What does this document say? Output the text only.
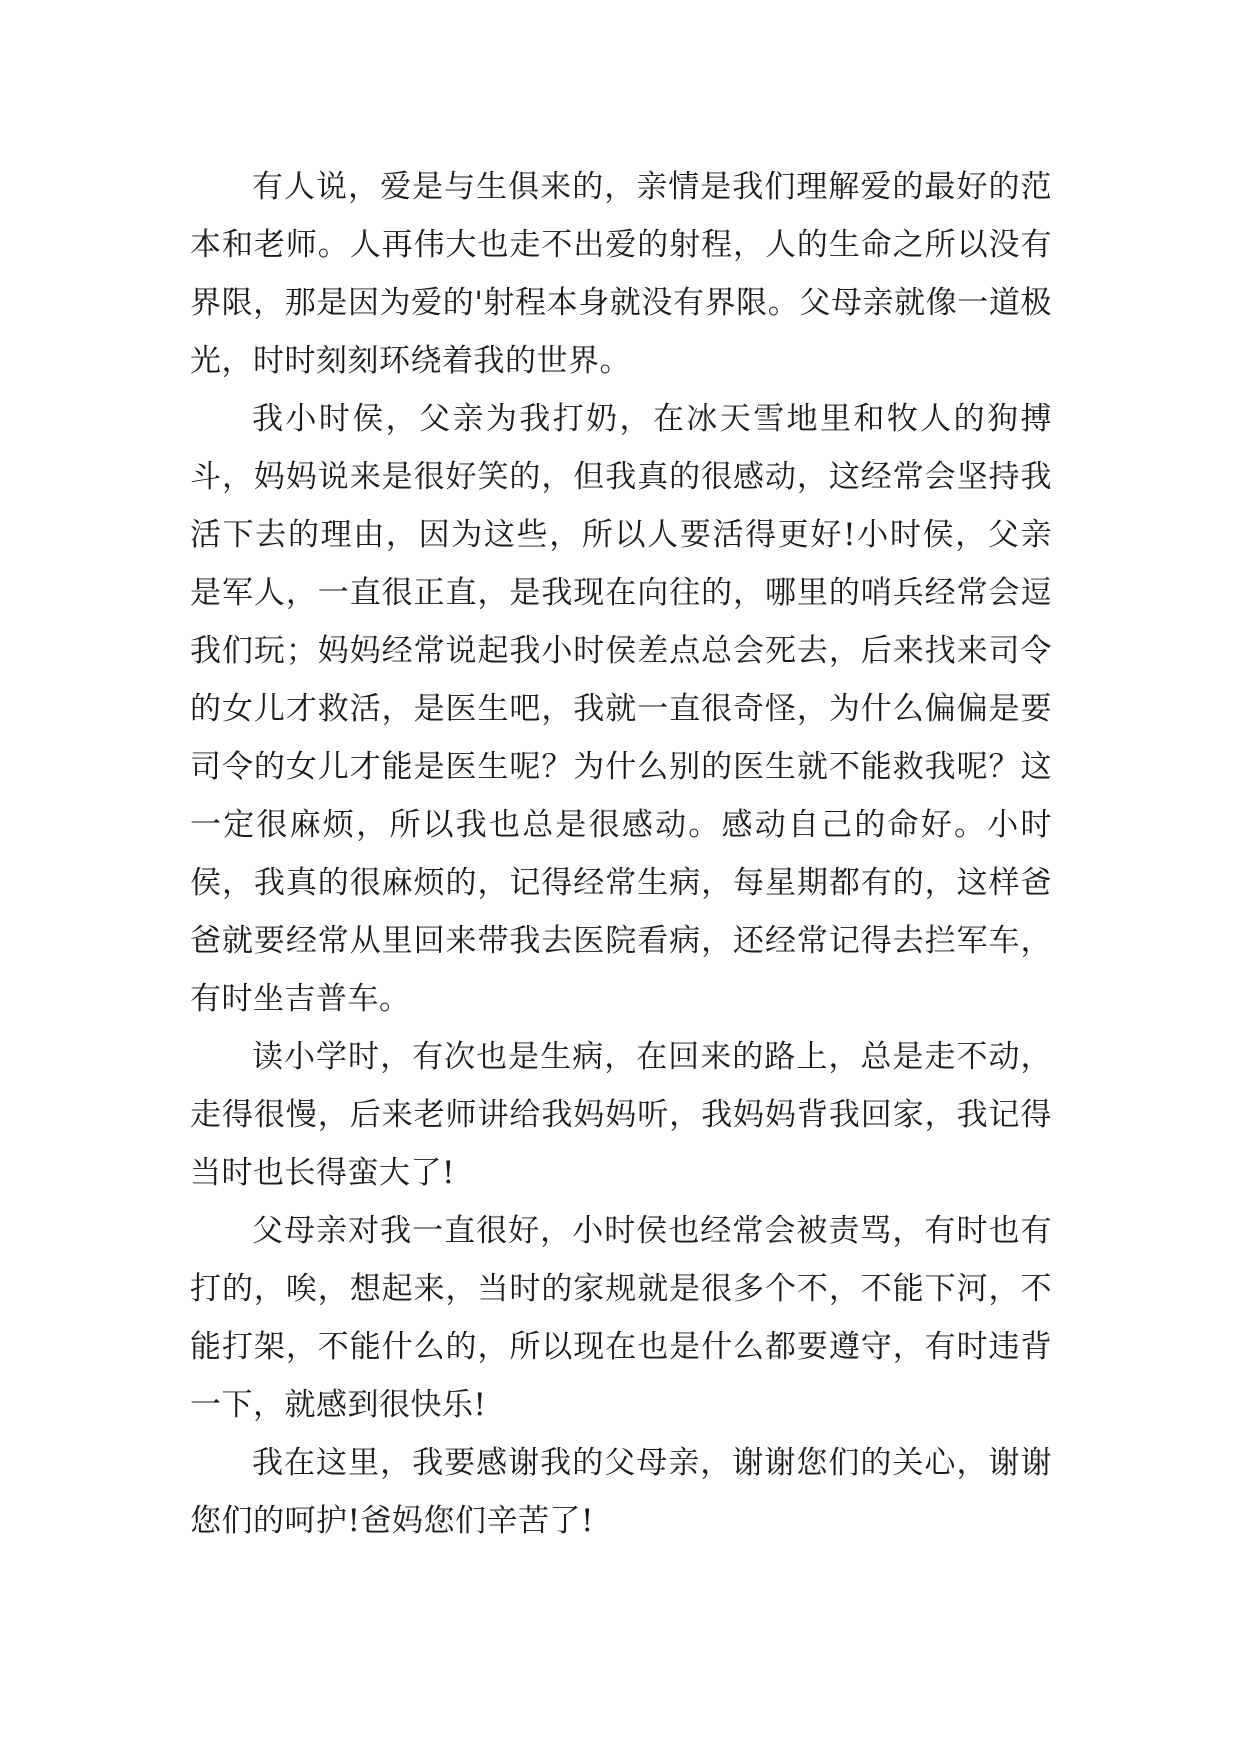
有人说，爱是与生俱来的，亲情是我们理解爱的最好的范本和老师。人再伟大也走不出爱的射程，人的生命之所以没有界限，那是因为爱的'射程本身就没有界限。父母亲就像一道极光，时时刻刻环绕着我的世界。

我小时侯，父亲为我打奶，在冰天雪地里和牧人的狗搏斗，妈妈说来是很好笑的，但我真的很感动，这经常会坚持我活下去的理由，因为这些，所以人要活得更好!小时侯，父亲是军人，一直很正直，是我现在向往的，哪里的哨兵经常会逗我们玩；妈妈经常说起我小时侯差点总会死去，后来找来司令的女儿才救活，是医生吧，我就一直很奇怪，为什么偏偏是要司令的女儿才能是医生呢？为什么别的医生就不能救我呢？这一定很麻烦，所以我也总是很感动。感动自己的命好。小时侯，我真的很麻烦的，记得经常生病，每星期都有的，这样爸爸就要经常从里回来带我去医院看病，还经常记得去拦军车，有时坐吉普车。

读小学时，有次也是生病，在回来的路上，总是走不动，走得很慢，后来老师讲给我妈妈听，我妈妈背我回家，我记得当时也长得蛮大了!

父母亲对我一直很好，小时侯也经常会被责骂，有时也有打的，唉，想起来，当时的家规就是很多个不，不能下河，不能打架，不能什么的，所以现在也是什么都要遵守，有时违背一下，就感到很快乐!

我在这里，我要感谢我的父母亲，谢谢您们的关心，谢谢您们的呵护!爸妈您们辛苦了!
